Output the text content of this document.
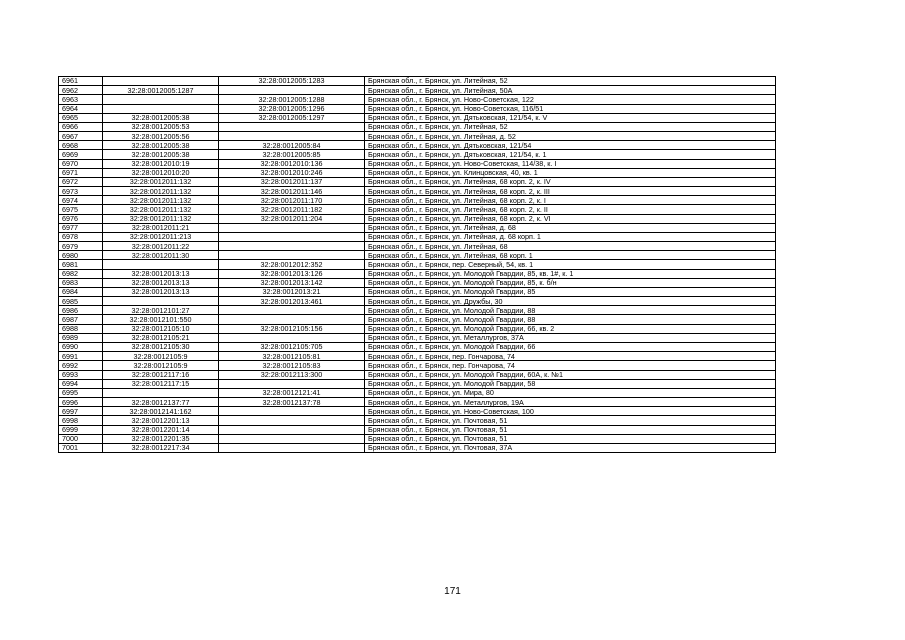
6961		32:28:0012005:1283	Брянская обл., г. Брянск, ул. Литейная, 52
6962	32:28:0012005:1287		Брянская обл., г. Брянск, ул. Литейная, 50А
6963		32:28:0012005:1288	Брянская обл., г. Брянск, ул. Ново-Советская, 122
6964		32:28:0012005:1296	Брянская обл., г. Брянск, ул. Ново-Советская, 116/51
6965	32:28:0012005:38	32:28:0012005:1297	Брянская обл., г. Брянск, ул. Дятьковская, 121/54, к. V
6966	32:28:0012005:53		Брянская обл., г. Брянск, ул. Литейная, 52
6967	32:28:0012005:56		Брянская обл., г. Брянск, ул. Литейная, д. 52
6968	32:28:0012005:38	32:28:0012005:84	Брянская обл., г. Брянск, ул. Дятьковская, 121/54
6969	32:28:0012005:38	32:28:0012005:85	Брянская обл., г. Брянск, ул. Дятьковская, 121/54, к. 1
6970	32:28:0012010:19	32:28:0012010:136	Брянская обл., г. Брянск, ул. Ново-Советская, 114/38, к. I
6971	32:28:0012010:20	32:28:0012010:246	Брянская обл., г. Брянск, ул. Клинцовская, 40, кв. 1
6972	32:28:0012011:132	32:28:0012011:137	Брянская обл., г. Брянск, ул. Литейная, 68 корп. 2, к. IV
6973	32:28:0012011:132	32:28:0012011:146	Брянская обл., г. Брянск, ул. Литейная, 68 корп. 2, к. III
6974	32:28:0012011:132	32:28:0012011:170	Брянская обл., г. Брянск, ул. Литейная, 68 корп. 2, к. I
6975	32:28:0012011:132	32:28:0012011:182	Брянская обл., г. Брянск, ул. Литейная, 68 корп. 2, к. II
6976	32:28:0012011:132	32:28:0012011:204	Брянская обл., г. Брянск, ул. Литейная, 68 корп. 2, к. VI
6977	32:28:0012011:21		Брянская обл., г. Брянск, ул. Литейная, д. 68
6978	32:28:0012011:213		Брянская обл., г. Брянск, ул. Литейная, д. 68 корп. 1
6979	32:28:0012011:22		Брянская обл., г. Брянск, ул. Литейная, 68
6980	32:28:0012011:30		Брянская обл., г. Брянск, ул. Литейная, 68 корп. 1
6981		32:28:0012012:352	Брянская обл., г. Брянск, пер. Северный, 54, кв. 1
6982	32:28:0012013:13	32:28:0012013:126	Брянская обл., г. Брянск, ул. Молодой Гвардии, 85, кв. 1#, к. 1
6983	32:28:0012013:13	32:28:0012013:142	Брянская обл., г. Брянск, ул. Молодой Гвардии, 85, к. б/н
6984	32:28:0012013:13	32:28:0012013:21	Брянская обл., г. Брянск, ул. Молодой Гвардии, 85
6985		32:28:0012013:461	Брянская обл., г. Брянск, ул. Дружбы, 30
6986	32:28:0012101:27		Брянская обл., г. Брянск, ул. Молодой Гвардии, 88
6987	32:28:0012101:550		Брянская обл., г. Брянск, ул. Молодой Гвардии, 88
6988	32:28:0012105:10	32:28:0012105:156	Брянская обл., г. Брянск, ул. Молодой Гвардии, 66, кв. 2
6989	32:28:0012105:21		Брянская обл., г. Брянск, ул. Металлургов, 37А
6990	32:28:0012105:30	32:28:0012105:705	Брянская обл., г. Брянск, ул. Молодой Гвардии, 66
6991	32:28:0012105:9	32:28:0012105:81	Брянская обл., г. Брянск, пер. Гончарова, 74
6992	32:28:0012105:9	32:28:0012105:83	Брянская обл., г. Брянск, пер. Гончарова, 74
6993	32:28:0012117:16	32:28:0012113:300	Брянская обл., г. Брянск, ул. Молодой Гвардии, 60А, к. №1
6994	32:28:0012117:15		Брянская обл., г. Брянск, ул. Молодой Гвардии, 58
6995		32:28:0012121:41	Брянская обл., г. Брянск, ул. Мира, 80
6996	32:28:0012137:77	32:28:0012137:78	Брянская обл., г. Брянск, ул. Металлургов, 19А
6997	32:28:0012141:162		Брянская обл., г. Брянск, ул. Ново-Советская, 100
6998	32:28:0012201:13		Брянская обл., г. Брянск, ул. Почтовая, 51
6999	32:28:0012201:14		Брянская обл., г. Брянск, ул. Почтовая, 51
7000	32:28:0012201:35		Брянская обл., г. Брянск, ул. Почтовая, 51
7001	32:28:0012217:34		Брянская обл., г. Брянск, ул. Почтовая, 37А
171
